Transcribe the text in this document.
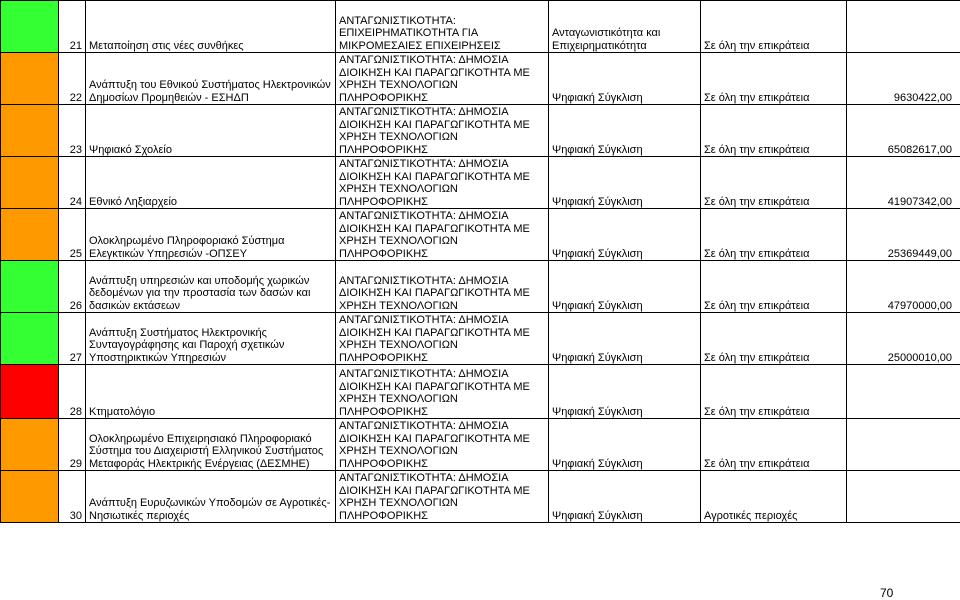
	21	Μεταποίηση στις νέες συνθήκες	ΑΝΤΑΓΩΝΙΣΤΙΚΟΤΗΤΑ: ΕΠΙΧΕΙΡΗΜΑΤΙΚΟΤΗΤΑ ΓΙΑ ΜΙΚΡΟΜΕΣΑΙΕΣ ΕΠΙΧΕΙΡΗΣΕΙΣ	Ανταγωνιστικότητα και Επιχειρηματικότητα	Σε όλη την επικράτεια	
	22	Ανάπτυξη του Εθνικού Συστήματος Ηλεκτρονικών Δημοσίων Προμηθειών - ΕΣΗΔΠ	ΑΝΤΑΓΩΝΙΣΤΙΚΟΤΗΤΑ: ΔΗΜΟΣΙΑ ΔΙΟΙΚΗΣΗ ΚΑΙ ΠΑΡΑΓΩΓΙΚΟΤΗΤΑ ΜΕ ΧΡΗΣΗ ΤΕΧΝΟΛΟΓΙΩΝ ΠΛΗΡΟΦΟΡΙΚΗΣ	Ψηφιακή Σύγκλιση	Σε όλη την επικράτεια	9630422,00
	23	Ψηφιακό Σχολείο	ΑΝΤΑΓΩΝΙΣΤΙΚΟΤΗΤΑ: ΔΗΜΟΣΙΑ ΔΙΟΙΚΗΣΗ ΚΑΙ ΠΑΡΑΓΩΓΙΚΟΤΗΤΑ ΜΕ ΧΡΗΣΗ ΤΕΧΝΟΛΟΓΙΩΝ ΠΛΗΡΟΦΟΡΙΚΗΣ	Ψηφιακή Σύγκλιση	Σε όλη την επικράτεια	65082617,00
	24	Εθνικό Ληξιαρχείο	ΑΝΤΑΓΩΝΙΣΤΙΚΟΤΗΤΑ: ΔΗΜΟΣΙΑ ΔΙΟΙΚΗΣΗ ΚΑΙ ΠΑΡΑΓΩΓΙΚΟΤΗΤΑ ΜΕ ΧΡΗΣΗ ΤΕΧΝΟΛΟΓΙΩΝ ΠΛΗΡΟΦΟΡΙΚΗΣ	Ψηφιακή Σύγκλιση	Σε όλη την επικράτεια	41907342,00
	25	Ολοκληρωμένο Πληροφοριακό Σύστημα Ελεγκτικών Υπηρεσιών -ΟΠΣΕΥ	ΑΝΤΑΓΩΝΙΣΤΙΚΟΤΗΤΑ: ΔΗΜΟΣΙΑ ΔΙΟΙΚΗΣΗ ΚΑΙ ΠΑΡΑΓΩΓΙΚΟΤΗΤΑ ΜΕ ΧΡΗΣΗ ΤΕΧΝΟΛΟΓΙΩΝ ΠΛΗΡΟΦΟΡΙΚΗΣ	Ψηφιακή Σύγκλιση	Σε όλη την επικράτεια	25369449,00
	26	Ανάπτυξη υπηρεσιών και υποδομής χωρικών δεδομένων για την προστασία των δασών και δασικών εκτάσεων	ΑΝΤΑΓΩΝΙΣΤΙΚΟΤΗΤΑ: ΔΗΜΟΣΙΑ ΔΙΟΙΚΗΣΗ ΚΑΙ ΠΑΡΑΓΩΓΙΚΟΤΗΤΑ ΜΕ ΧΡΗΣΗ ΤΕΧΝΟΛΟΓΙΩΝ	Ψηφιακή Σύγκλιση	Σε όλη την επικράτεια	47970000,00
	27	Ανάπτυξη Συστήματος Ηλεκτρονικής Συνταγογράφησης και Παροχή σχετικών Υποστηρικτικών Υπηρεσιών	ΑΝΤΑΓΩΝΙΣΤΙΚΟΤΗΤΑ: ΔΗΜΟΣΙΑ ΔΙΟΙΚΗΣΗ ΚΑΙ ΠΑΡΑΓΩΓΙΚΟΤΗΤΑ ΜΕ ΧΡΗΣΗ ΤΕΧΝΟΛΟΓΙΩΝ ΠΛΗΡΟΦΟΡΙΚΗΣ	Ψηφιακή Σύγκλιση	Σε όλη την επικράτεια	25000010,00
	28	Κτηματολόγιο	ΑΝΤΑΓΩΝΙΣΤΙΚΟΤΗΤΑ: ΔΗΜΟΣΙΑ ΔΙΟΙΚΗΣΗ ΚΑΙ ΠΑΡΑΓΩΓΙΚΟΤΗΤΑ ΜΕ ΧΡΗΣΗ ΤΕΧΝΟΛΟΓΙΩΝ ΠΛΗΡΟΦΟΡΙΚΗΣ	Ψηφιακή Σύγκλιση	Σε όλη την επικράτεια	
	29	Ολοκληρωμένο Επιχειρησιακό Πληροφοριακό Σύστημα του Διαχειριστή Ελληνικού Συστήματος Μεταφοράς Ηλεκτρικής Ενέργειας (ΔΕΣΜΗΕ)	ΑΝΤΑΓΩΝΙΣΤΙΚΟΤΗΤΑ: ΔΗΜΟΣΙΑ ΔΙΟΙΚΗΣΗ ΚΑΙ ΠΑΡΑΓΩΓΙΚΟΤΗΤΑ ΜΕ ΧΡΗΣΗ ΤΕΧΝΟΛΟΓΙΩΝ ΠΛΗΡΟΦΟΡΙΚΗΣ	Ψηφιακή Σύγκλιση	Σε όλη την επικράτεια	
	30	Ανάπτυξη Ευρυζωνικών Υποδομών σε Αγροτικές-Νησιωτικές περιοχές	ΑΝΤΑΓΩΝΙΣΤΙΚΟΤΗΤΑ: ΔΗΜΟΣΙΑ ΔΙΟΙΚΗΣΗ ΚΑΙ ΠΑΡΑΓΩΓΙΚΟΤΗΤΑ ΜΕ ΧΡΗΣΗ ΤΕΧΝΟΛΟΓΙΩΝ ΠΛΗΡΟΦΟΡΙΚΗΣ	Ψηφιακή Σύγκλιση	Αγροτικές περιοχές	
70
